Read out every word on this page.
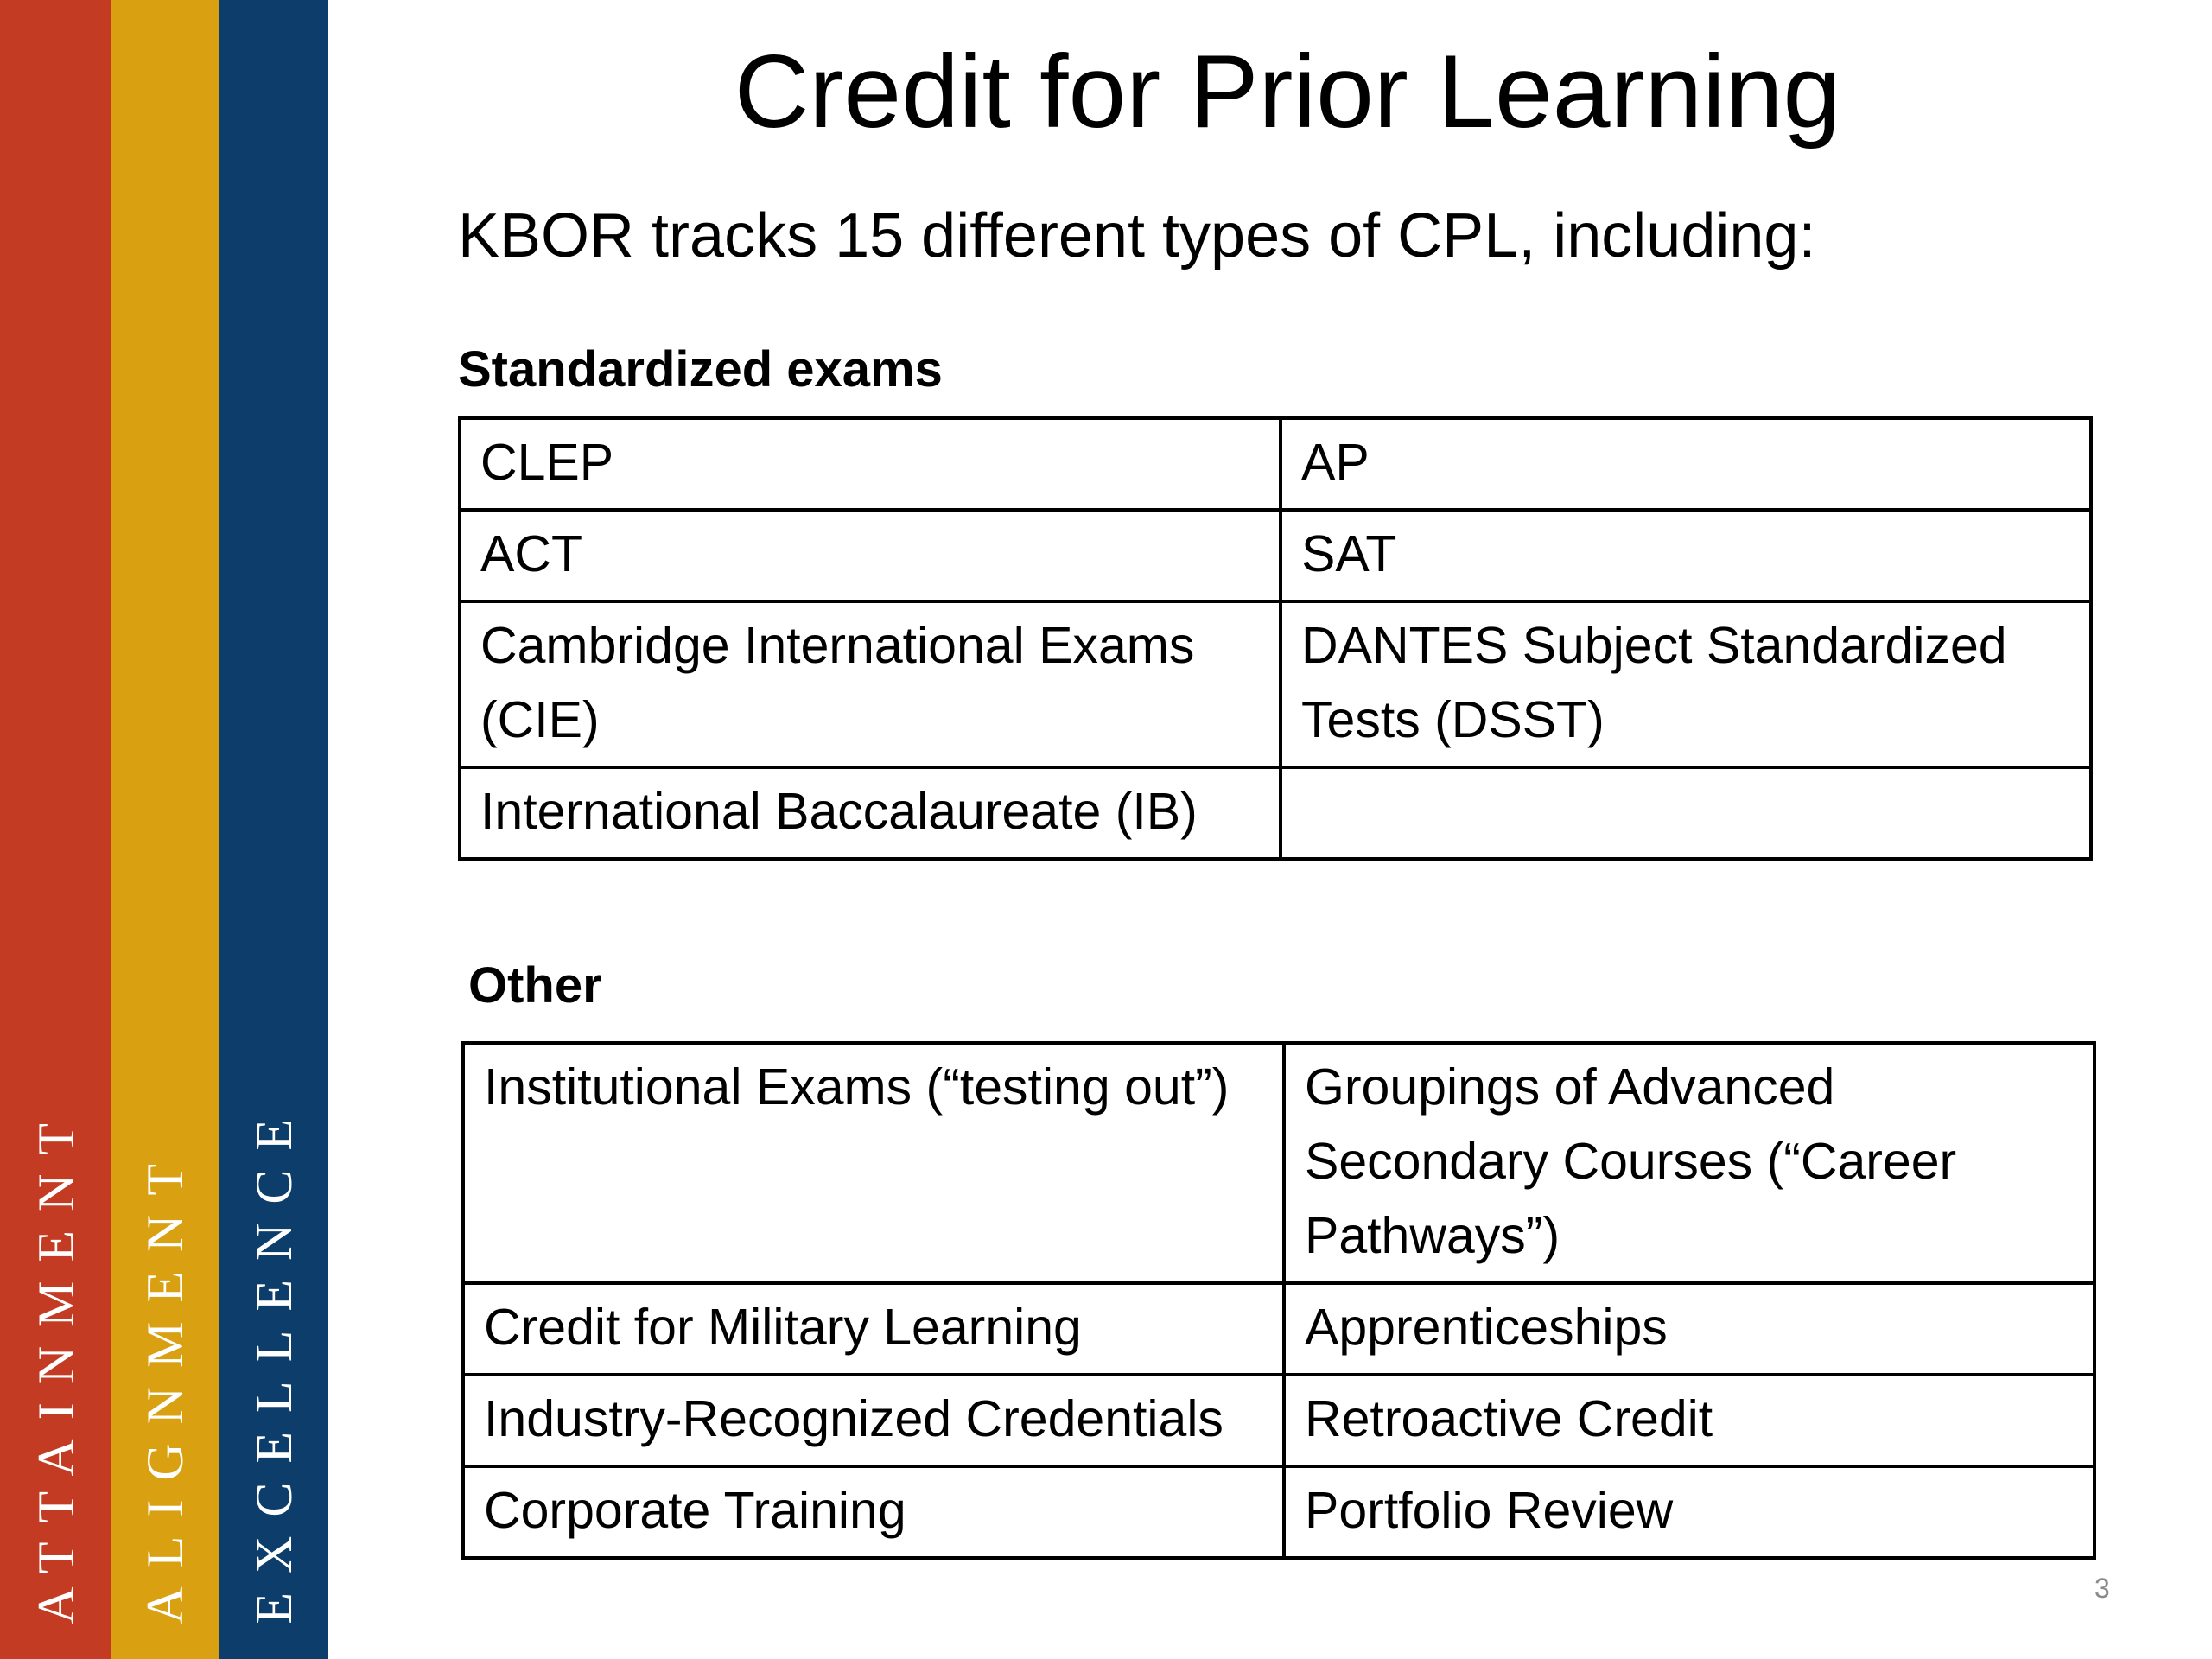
ATTAINMENT ALIGNMENT EXCELLENCE
Credit for Prior Learning

KBOR tracks 15 different types of CPL, including:

Standardized exams

CLEP	AP
ACT	SAT
Cambridge International Exams (CIE)	DANTES Subject Standardized Tests (DSST)
International Baccalaureate (IB)	

Other

Institutional Exams (“testing out”)	Groupings of Advanced Secondary Courses (“Career Pathways”)
Credit for Military Learning	Apprenticeships
Industry-Recognized Credentials	Retroactive Credit
Corporate Training	Portfolio Review
3
